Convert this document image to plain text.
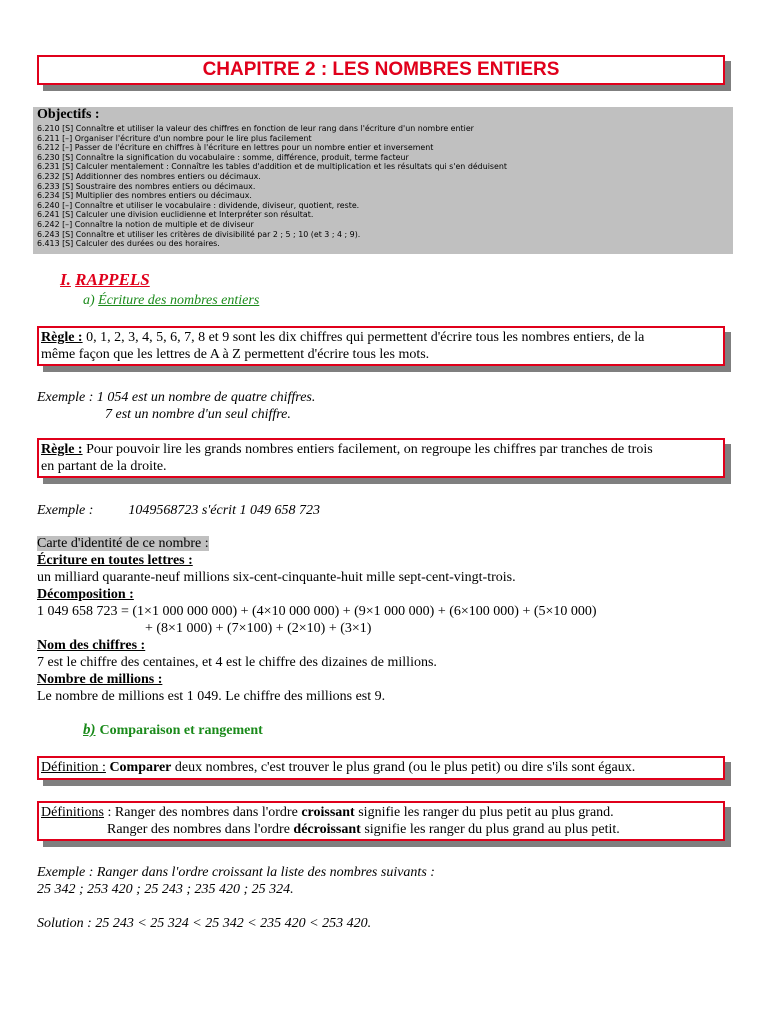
CHAPITRE 2 : LES NOMBRES ENTIERS
Objectifs :
6.210 [S] Connaître et utiliser la valeur des chiffres en fonction de leur rang dans l'écriture d'un nombre entier
6.211 [–] Organiser l'écriture d'un nombre pour le lire plus facilement
6.212 [–] Passer de l'écriture en chiffres à l'écriture en lettres pour un nombre entier et inversement
6.230 [S] Connaître la signification du vocabulaire : somme, différence, produit, terme facteur
6.231 [S] Calculer mentalement : Connaître les tables d'addition et de multiplication et les résultats qui s'en déduisent
6.232 [S] Additionner des nombres entiers ou décimaux.
6.233 [S] Soustraire des nombres entiers ou décimaux.
6.234 [S] Multiplier des nombres entiers ou décimaux.
6.240 [–] Connaître et utiliser le vocabulaire : dividende, diviseur, quotient, reste.
6.241 [S] Calculer une division euclidienne et Interpréter son résultat.
6.242 [–] Connaître la notion de multiple et de diviseur
6.243 [S] Connaître et utiliser les critères de divisibilité par 2 ; 5 ; 10 (et 3 ; 4 ; 9).
6.413 [S] Calculer des durées ou des horaires.
I. RAPPELS
a) Écriture des nombres entiers
Règle : 0, 1, 2, 3, 4, 5, 6, 7, 8 et 9 sont les dix chiffres qui permettent d'écrire tous les nombres entiers, de la
même façon que les lettres de A à Z permettent d'écrire tous les mots.
Exemple : 1 054 est un nombre de quatre chiffres.
7 est un nombre d'un seul chiffre.
Règle : Pour pouvoir lire les grands nombres entiers facilement, on regroupe les chiffres par tranches de trois
en partant de la droite.
Exemple :	1049568723 s'écrit 1 049 658 723
Carte d'identité de ce nombre :
Écriture en toutes lettres :
un milliard quarante-neuf millions six-cent-cinquante-huit mille sept-cent-vingt-trois.
Décomposition :
1 049 658 723 = (1×1 000 000 000) + (4×10 000 000) + (9×1 000 000) + (6×100 000) + (5×10 000)
+ (8×1 000) + (7×100) + (2×10) + (3×1)
Nom des chiffres :
7 est le chiffre des centaines, et 4 est le chiffre des dizaines de millions.
Nombre de millions :
Le nombre de millions est 1 049. Le chiffre des millions est 9.
b) Comparaison et rangement
Définition : Comparer deux nombres, c'est trouver le plus grand (ou le plus petit) ou dire s'ils sont égaux.
Définitions : Ranger des nombres dans l'ordre croissant signifie les ranger du plus petit au plus grand.
Ranger des nombres dans l'ordre décroissant signifie les ranger du plus grand au plus petit.
Exemple : Ranger dans l'ordre croissant la liste des nombres suivants :
25 342 ; 253 420 ; 25 243 ; 235 420 ; 25 324.
Solution : 25 243 < 25 324 < 25 342 < 235 420 < 253 420.
